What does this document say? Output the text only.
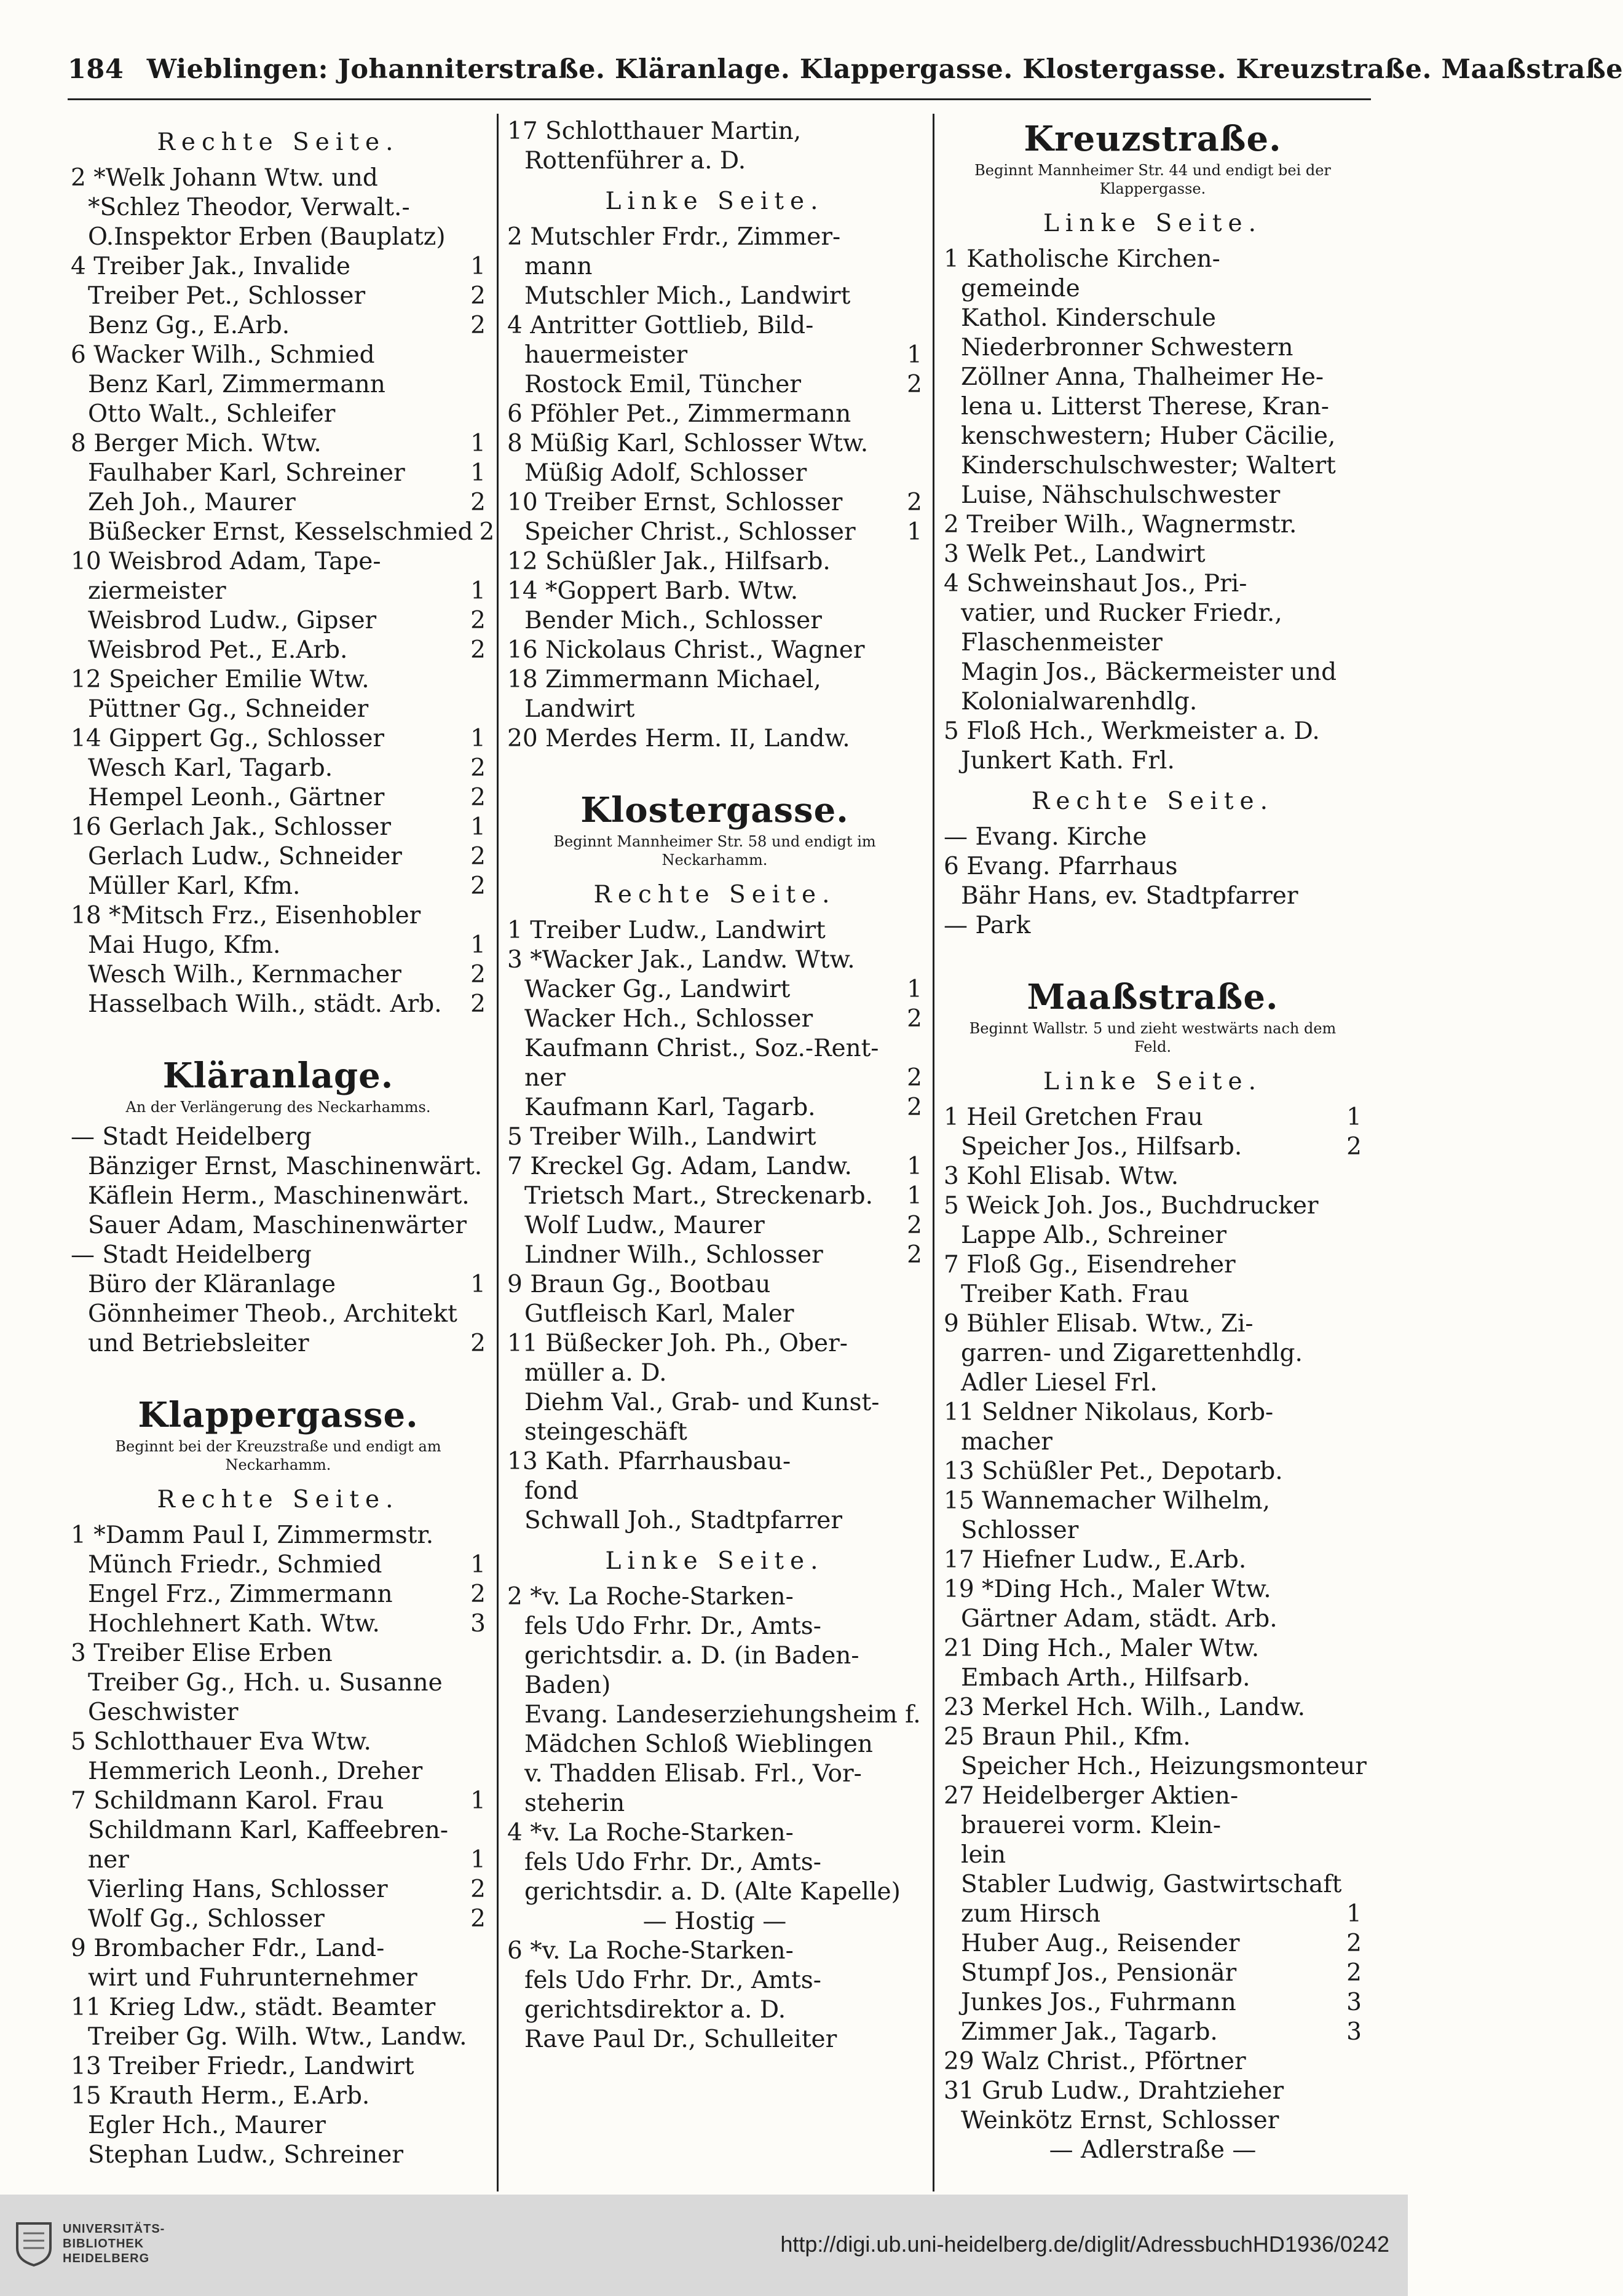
184 Wieblingen: Johanniterstraße. Kläranlage. Klappergasse. Klostergasse. Kreuzstraße. Maaßstraße
Rechte Seite.
2 *Welk Johann Wtw. und
*Schlez Theodor, Verwalt.-
O.Inspektor Erben (Bauplatz)
4 Treiber Jak., Invalide	1
Treiber Pet., Schlosser	2
Benz Gg., E.Arb.	2
6 Wacker Wilh., Schmied
Benz Karl, Zimmermann
Otto Walt., Schleifer
8 Berger Mich. Wtw.	1
Faulhaber Karl, Schreiner	1
Zeh Joh., Maurer	2
Büßecker Ernst, Kesselschmied 2
10 Weisbrod Adam, Tape-
ziermeister	1
Weisbrod Ludw., Gipser	2
Weisbrod Pet., E.Arb.	2
12 Speicher Emilie Wtw.
Püttner Gg., Schneider
14 Gippert Gg., Schlosser	1
Wesch Karl, Tagarb.	2
Hempel Leonh., Gärtner	2
16 Gerlach Jak., Schlosser	1
Gerlach Ludw., Schneider	2
Müller Karl, Kfm.	2
18 *Mitsch Frz., Eisenhobler
Mai Hugo, Kfm.	1
Wesch Wilh., Kernmacher	2
Hasselbach Wilh., städt. Arb. 2
Kläranlage.
An der Verlängerung des Neckarhamms.
— Stadt Heidelberg
Bänziger Ernst, Maschinenwärt.
Käflein Herm., Maschinenwärt.
Sauer Adam, Maschinenwärter
— Stadt Heidelberg
Büro der Kläranlage	1
Gönnheimer Theob., Architekt
und Betriebsleiter	2
Klappergasse.
Beginnt bei der Kreuzstraße und endigt am Neckarhamm.
Rechte Seite.
1 *Damm Paul I, Zimmermstr.
Münch Friedr., Schmied	1
Engel Frz., Zimmermann	2
Hochlehnert Kath. Wtw.	3
3 Treiber Elise Erben
Treiber Gg., Hch. u. Susanne
Geschwister
5 Schlotthauer Eva Wtw.
Hemmerich Leonh., Dreher
7 Schildmann Karol. Frau	1
Schildmann Karl, Kaffeebren-
ner	1
Vierling Hans, Schlosser	2
Wolf Gg., Schlosser	2
9 Brombacher Fdr., Land-
wirt und Fuhrunternehmer
11 Krieg Ldw., städt. Beamter
Treiber Gg. Wilh. Wtw., Landw.
13 Treiber Friedr., Landwirt
15 Krauth Herm., E.Arb.
Egler Hch., Maurer
Stephan Ludw., Schreiner
17 Schlotthauer Martin,
Rottenführer a. D.
Linke Seite.
2 Mutschler Frdr., Zimmer-
mann
Mutschler Mich., Landwirt
4 Antritter Gottlieb, Bild-
hauermeister	1
Rostock Emil, Tüncher	2
6 Pföhler Pet., Zimmermann
8 Müßig Karl, Schlosser Wtw.
Müßig Adolf, Schlosser
10 Treiber Ernst, Schlosser	2
Speicher Christ., Schlosser 1
12 Schüßler Jak., Hilfsarb.
14 *Goppert Barb. Wtw.
Bender Mich., Schlosser
16 Nickolaus Christ., Wagner
18 Zimmermann Michael,
Landwirt
20 Merdes Herm. II, Landw.
Klostergasse.
Beginnt Mannheimer Str. 58 und endigt im Neckarhamm.
Rechte Seite.
1 Treiber Ludw., Landwirt
3 *Wacker Jak., Landw. Wtw.
Wacker Gg., Landwirt	1
Wacker Hch., Schlosser	2
Kaufmann Christ., Soz.-Rent-
ner	2
Kaufmann Karl, Tagarb.	2
5 Treiber Wilh., Landwirt
7 Kreckel Gg. Adam, Landw. 1
Trietsch Mart., Streckenarb. 1
Wolf Ludw., Maurer	2
Lindner Wilh., Schlosser	2
9 Braun Gg., Bootbau
Gutfleisch Karl, Maler
11 Büßecker Joh. Ph., Ober-
müller a. D.
Diehm Val., Grab- und Kunst-
steingeschäft
13 Kath. Pfarrhausbau-
fond
Schwall Joh., Stadtpfarrer
Linke Seite.
2 *v. La Roche-Starken-
fels Udo Frhr. Dr., Amts-
gerichtsdir. a. D. (in Baden-
Baden)
Evang. Landeserziehungsheim f.
Mädchen Schloß Wieblingen
v. Thadden Elisab. Frl., Vor-
steherin
4 *v. La Roche-Starken-
fels Udo Frhr. Dr., Amts-
gerichtsdir. a. D. (Alte Kapelle)
— Hostig —
6 *v. La Roche-Starken-
fels Udo Frhr. Dr., Amts-
gerichtsdirektor a. D.
Rave Paul Dr., Schulleiter
Kreuzstraße.
Beginnt Mannheimer Str. 44 und endigt bei der Klappergasse.
Linke Seite.
1 Katholische Kirchen-
gemeinde
Kathol. Kinderschule
Niederbronner Schwestern
Zöllner Anna, Thalheimer He-
lena u. Litterst Therese, Kran-
kenschwestern; Huber Cäcilie,
Kinderschulschwester; Waltert
Luise, Nähschulschwester
2 Treiber Wilh., Wagnermstr.
3 Welk Pet., Landwirt
4 Schweinshaut Jos., Pri-
vatier, und Rucker Friedr.,
Flaschenmeister
Magin Jos., Bäckermeister und
Kolonialwarenhdlg.
5 Floß Hch., Werkmeister a. D.
Junkert Kath. Frl.
Rechte Seite.
— Evang. Kirche
6 Evang. Pfarrhaus
Bähr Hans, ev. Stadtpfarrer
— Park
Maaßstraße.
Beginnt Wallstr. 5 und zieht westwärts nach dem Feld.
Linke Seite.
1 Heil Gretchen Frau	1
Speicher Jos., Hilfsarb.	2
3 Kohl Elisab. Wtw.
5 Weick Joh. Jos., Buchdrucker
Lappe Alb., Schreiner
7 Floß Gg., Eisendreher
Treiber Kath. Frau
9 Bühler Elisab. Wtw., Zi-
garren- und Zigarettenhdlg.
Adler Liesel Frl.
11 Seldner Nikolaus, Korb-
macher
13 Schüßler Pet., Depotarb.
15 Wannemacher Wilhelm,
Schlosser
17 Hiefner Ludw., E.Arb.
19 *Ding Hch., Maler Wtw.
Gärtner Adam, städt. Arb.
21 Ding Hch., Maler Wtw.
Embach Arth., Hilfsarb.
23 Merkel Hch. Wilh., Landw.
25 Braun Phil., Kfm.
Speicher Hch., Heizungsmonteur
27 Heidelberger Aktien-
brauerei vorm. Klein-
lein
Stabler Ludwig, Gastwirtschaft
zum Hirsch	1
Huber Aug., Reisender	2
Stumpf Jos., Pensionär	2
Junkes Jos., Fuhrmann	3
Zimmer Jak., Tagarb.	3
29 Walz Christ., Pförtner
31 Grub Ludw., Drahtzieher
Weinkötz Ernst, Schlosser
— Adlerstraße —
UNIVERSITÄTS-
BIBLIOTHEK
HEIDELBERG
http://digi.ub.uni-heidelberg.de/diglit/AdressbuchHD1936/0242
